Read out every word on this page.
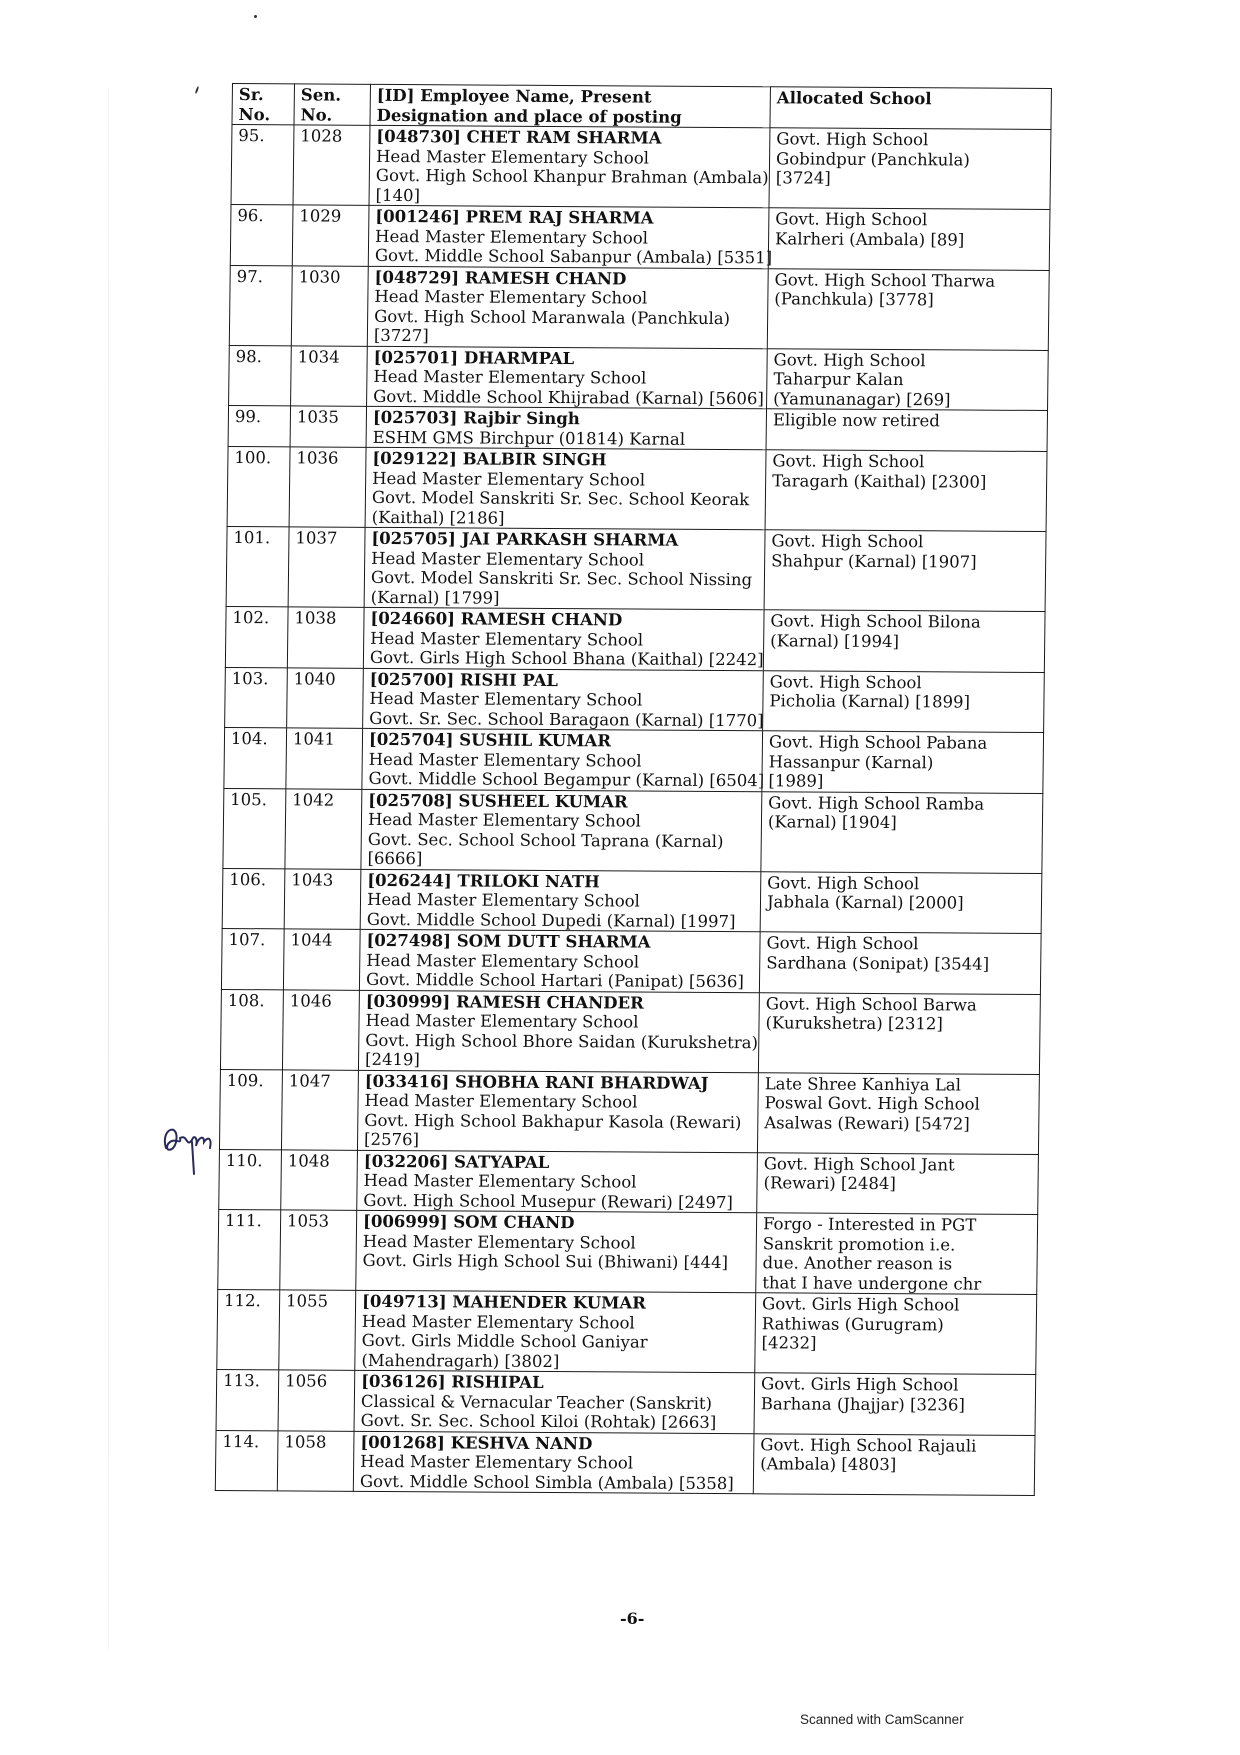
Sr. No.	Sen. No.	[ID] Employee Name, Present Designation and place of posting	Allocated School
95.	1028	[048730] CHET RAM SHARMA
Head Master Elementary School
Govt. High School Khanpur Brahman (Ambala)
[140]	Govt. High School
Gobindpur (Panchkula)
[3724]

96.	1029	[001246] PREM RAJ SHARMA
Head Master Elementary School
Govt. Middle School Sabanpur (Ambala) [5351]	Govt. High School
Kalrheri (Ambala) [89]

97.	1030	[048729] RAMESH CHAND
Head Master Elementary School
Govt. High School Maranwala (Panchkula)
[3727]	Govt. High School Tharwa
(Panchkula) [3778]

98.	1034	[025701] DHARMPAL
Head Master Elementary School
Govt. Middle School Khijrabad (Karnal) [5606]	Govt. High School
Taharpur Kalan
(Yamunanagar) [269]

99.	1035	[025703] Rajbir Singh
ESHM GMS Birchpur (01814) Karnal	Eligible now retired

100.	1036	[029122] BALBIR SINGH
Head Master Elementary School
Govt. Model Sanskriti Sr. Sec. School Keorak
(Kaithal) [2186]	Govt. High School
Taragarh (Kaithal) [2300]

101.	1037	[025705] JAI PARKASH SHARMA
Head Master Elementary School
Govt. Model Sanskriti Sr. Sec. School Nissing
(Karnal) [1799]	Govt. High School
Shahpur (Karnal) [1907]

102.	1038	[024660] RAMESH CHAND
Head Master Elementary School
Govt. Girls High School Bhana (Kaithal) [2242]	Govt. High School Bilona
(Karnal) [1994]

103.	1040	[025700] RISHI PAL
Head Master Elementary School
Govt. Sr. Sec. School Baragaon (Karnal) [1770]	Govt. High School
Picholia (Karnal) [1899]

104.	1041	[025704] SUSHIL KUMAR
Head Master Elementary School
Govt. Middle School Begampur (Karnal) [6504]	Govt. High School Pabana
Hassanpur (Karnal)
[1989]

105.	1042	[025708] SUSHEEL KUMAR
Head Master Elementary School
Govt. Sec. School School Taprana (Karnal)
[6666]	Govt. High School Ramba
(Karnal) [1904]

106.	1043	[026244] TRILOKI NATH
Head Master Elementary School
Govt. Middle School Dupedi (Karnal) [1997]	Govt. High School
Jabhala (Karnal) [2000]

107.	1044	[027498] SOM DUTT SHARMA
Head Master Elementary School
Govt. Middle School Hartari (Panipat) [5636]	Govt. High School
Sardhana (Sonipat) [3544]

108.	1046	[030999] RAMESH CHANDER
Head Master Elementary School
Govt. High School Bhore Saidan (Kurukshetra)
[2419]	Govt. High School Barwa
(Kurukshetra) [2312]

109.	1047	[033416] SHOBHA RANI BHARDWAJ
Head Master Elementary School
Govt. High School Bakhapur Kasola (Rewari)
[2576]	Late Shree Kanhiya Lal
Poswal Govt. High School
Asalwas (Rewari) [5472]

110.	1048	[032206] SATYAPAL
Head Master Elementary School
Govt. High School Musepur (Rewari) [2497]	Govt. High School Jant
(Rewari) [2484]

111.	1053	[006999] SOM CHAND
Head Master Elementary School
Govt. Girls High School Sui (Bhiwani) [444]	Forgo - Interested in PGT
Sanskrit promotion i.e.
due. Another reason is
that I have undergone chr

112.	1055	[049713] MAHENDER KUMAR
Head Master Elementary School
Govt. Girls Middle School Ganiyar
(Mahendragarh) [3802]	Govt. Girls High School
Rathiwas (Gurugram)
[4232]

113.	1056	[036126] RISHIPAL
Classical & Vernacular Teacher (Sanskrit)
Govt. Sr. Sec. School Kiloi (Rohtak) [2663]	Govt. Girls High School
Barhana (Jhajjar) [3236]

114.	1058	[001268] KESHVA NAND
Head Master Elementary School
Govt. Middle School Simbla (Ambala) [5358]	Govt. High School Rajauli
(Ambala) [4803]
-6-
Scanned with CamScanner
